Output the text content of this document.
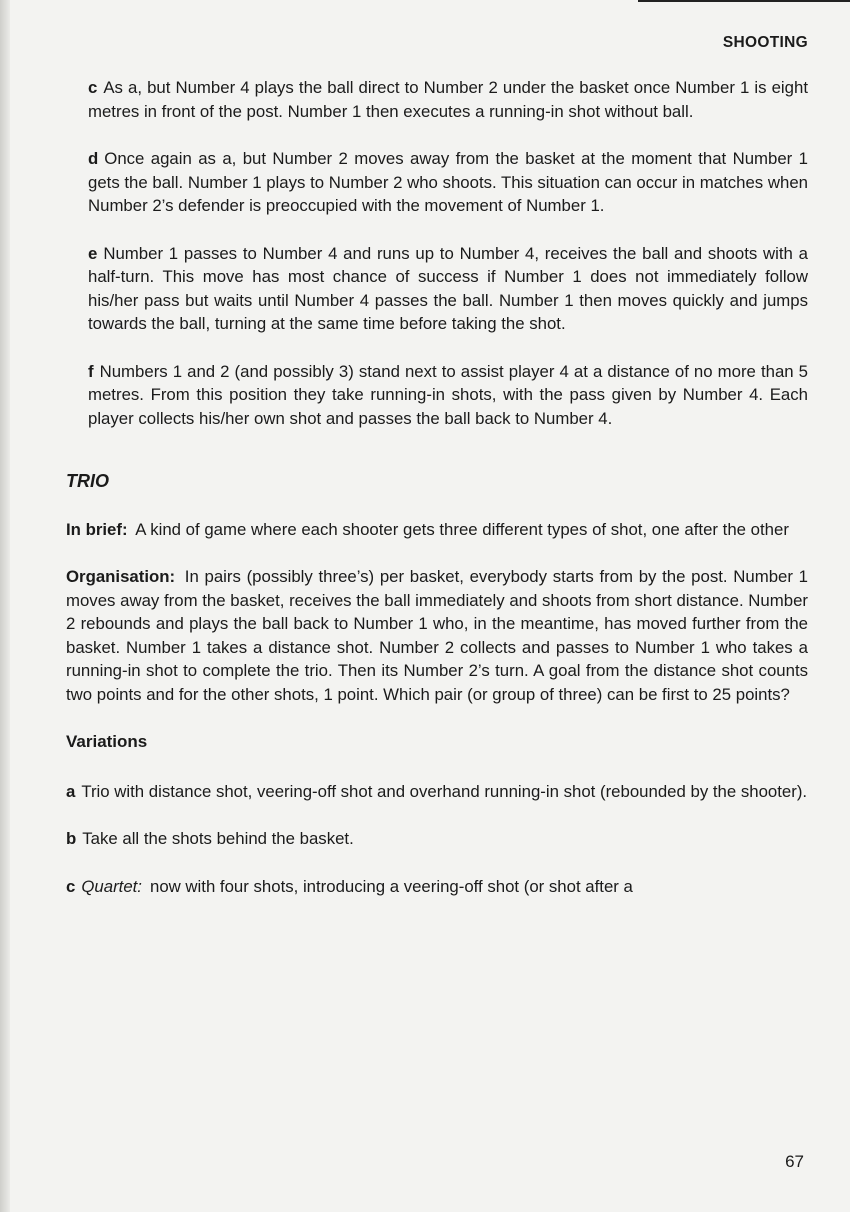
SHOOTING

c As a, but Number 4 plays the ball direct to Number 2 under the basket once Number 1 is eight metres in front of the post. Number 1 then executes a running-in shot without ball.

d Once again as a, but Number 2 moves away from the basket at the moment that Number 1 gets the ball. Number 1 plays to Number 2 who shoots. This situation can occur in matches when Number 2’s defender is preoccupied with the movement of Number 1.

e Number 1 passes to Number 4 and runs up to Number 4, receives the ball and shoots with a half-turn. This move has most chance of success if Number 1 does not immediately follow his/her pass but waits until Number 4 passes the ball. Number 1 then moves quickly and jumps towards the ball, turning at the same time before taking the shot.

f Numbers 1 and 2 (and possibly 3) stand next to assist player 4 at a distance of no more than 5 metres. From this position they take running-in shots, with the pass given by Number 4. Each player collects his/her own shot and passes the ball back to Number 4.

TRIO

In brief: A kind of game where each shooter gets three different types of shot, one after the other

Organisation: In pairs (possibly three’s) per basket, everybody starts from by the post. Number 1 moves away from the basket, receives the ball immediately and shoots from short distance. Number 2 rebounds and plays the ball back to Number 1 who, in the meantime, has moved further from the basket. Number 1 takes a distance shot. Number 2 collects and passes to Number 1 who takes a running-in shot to complete the trio. Then its Number 2’s turn. A goal from the distance shot counts two points and for the other shots, 1 point. Which pair (or group of three) can be first to 25 points?

Variations

a Trio with distance shot, veering-off shot and overhand running-in shot (rebounded by the shooter).

b Take all the shots behind the basket.

c Quartet: now with four shots, introducing a veering-off shot (or shot after a

67
